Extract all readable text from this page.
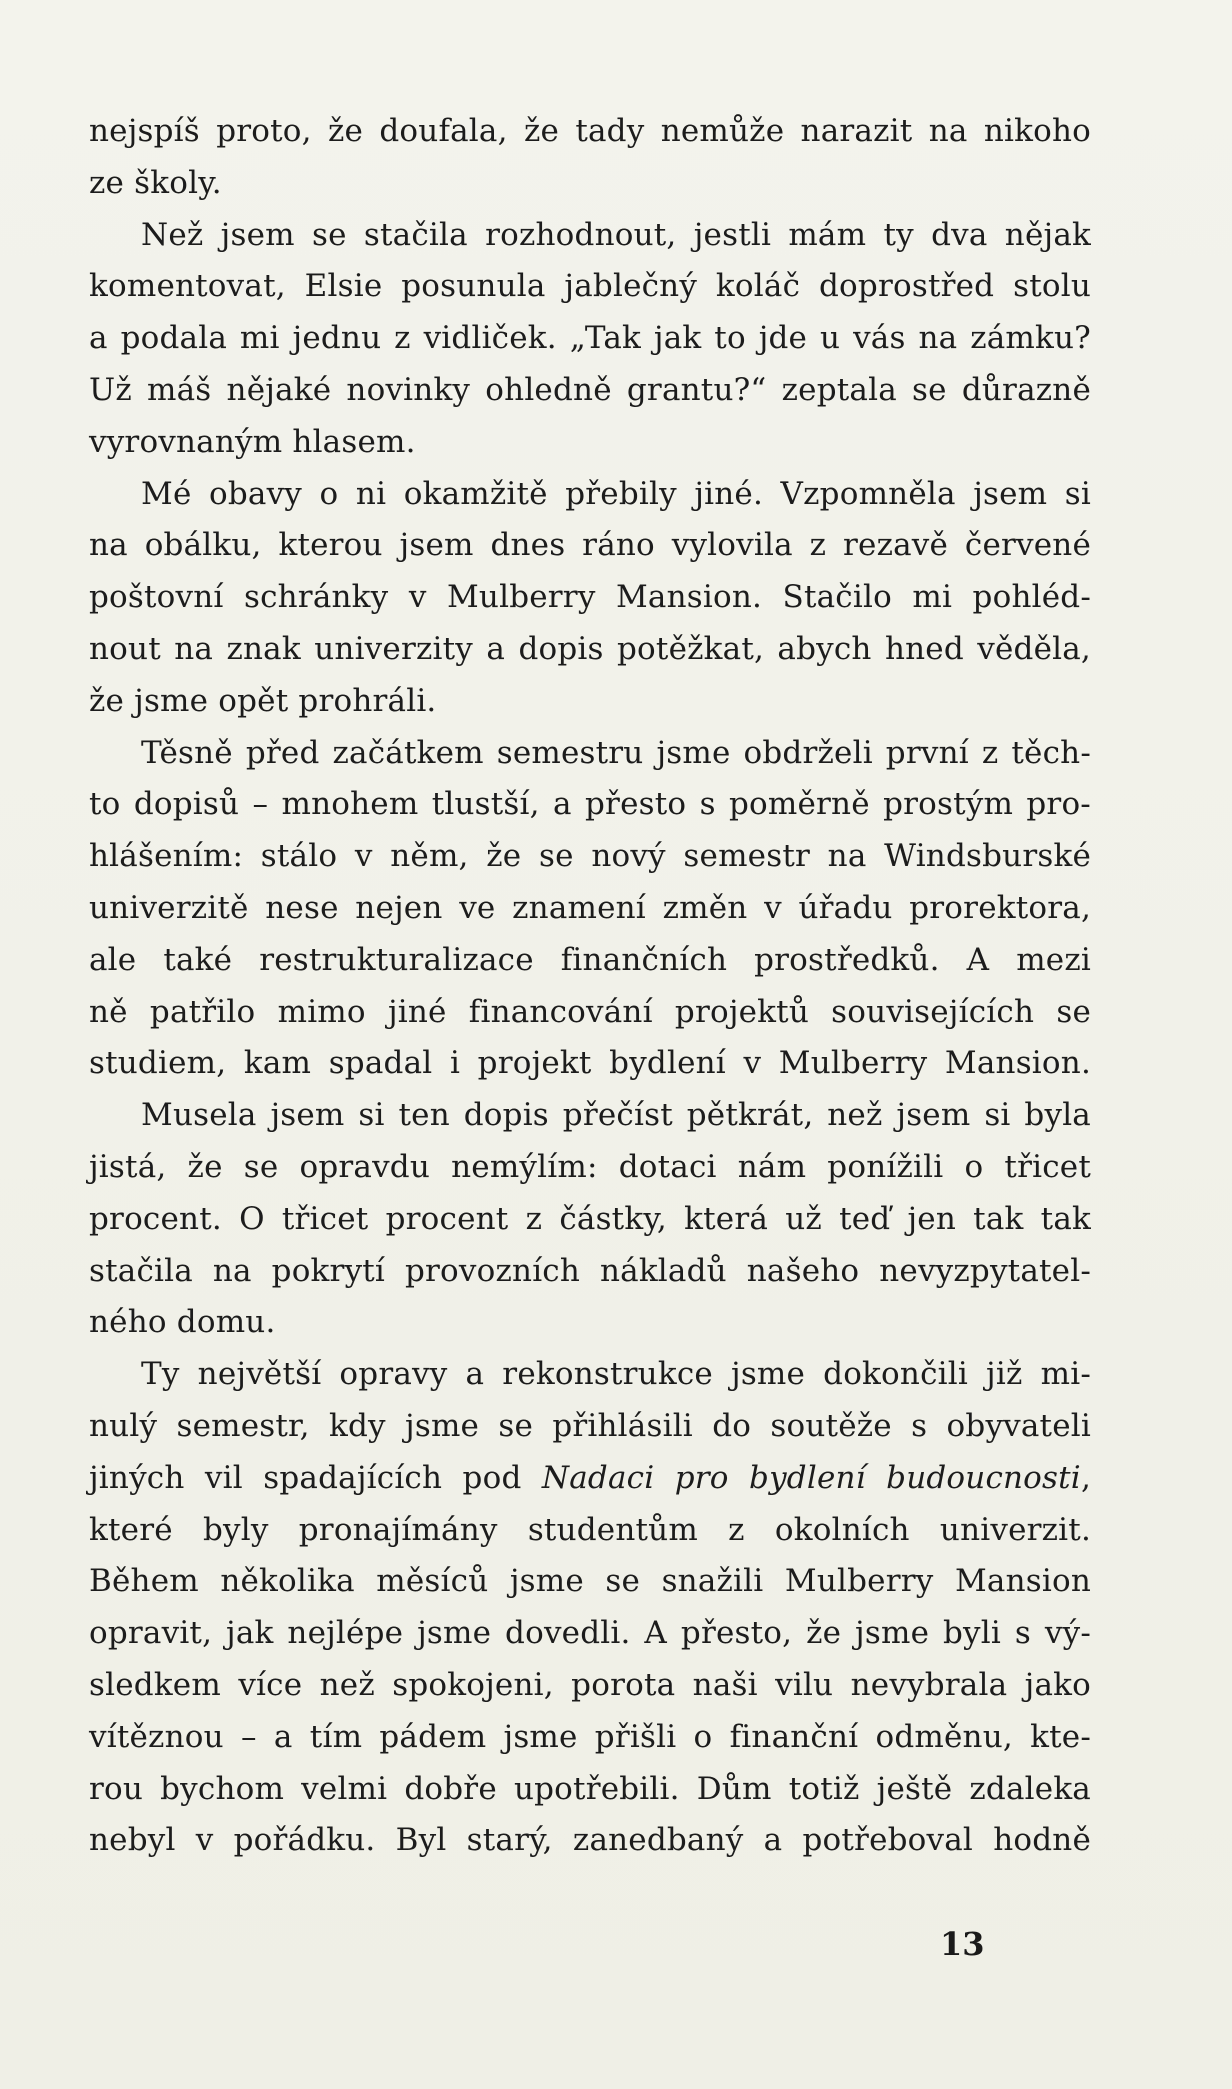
nejspíš proto, že doufala, že tady nemůže narazit na nikoho
ze školy.
Než jsem se stačila rozhodnout, jestli mám ty dva nějak
komentovat, Elsie posunula jablečný koláč doprostřed stolu
a podala mi jednu z vidliček. „Tak jak to jde u vás na zámku?
Už máš nějaké novinky ohledně grantu?“ zeptala se důrazně
vyrovnaným hlasem.
Mé obavy o ni okamžitě přebily jiné. Vzpomněla jsem si
na obálku, kterou jsem dnes ráno vylovila z rezavě červené
poštovní schránky v Mulberry Mansion. Stačilo mi pohléd-
nout na znak univerzity a dopis potěžkat, abych hned věděla,
že jsme opět prohráli.
Těsně před začátkem semestru jsme obdrželi první z těch-
to dopisů – mnohem tlustší, a přesto s poměrně prostým pro-
hlášením: stálo v něm, že se nový semestr na Windsburské
univerzitě nese nejen ve znamení změn v úřadu prorektora,
ale také restrukturalizace finančních prostředků. A mezi
ně patřilo mimo jiné financování projektů souvisejících se
studiem, kam spadal i projekt bydlení v Mulberry Mansion.
Musela jsem si ten dopis přečíst pětkrát, než jsem si byla
jistá, že se opravdu nemýlím: dotaci nám ponížili o třicet
procent. O třicet procent z částky, která už teď jen tak tak
stačila na pokrytí provozních nákladů našeho nevyzpytatel-
ného domu.
Ty největší opravy a rekonstrukce jsme dokončili již mi-
nulý semestr, kdy jsme se přihlásili do soutěže s obyvateli
jiných vil spadajících pod Nadaci pro bydlení budoucnosti,
které byly pronajímány studentům z okolních univerzit.
Během několika měsíců jsme se snažili Mulberry Mansion
opravit, jak nejlépe jsme dovedli. A přesto, že jsme byli s vý-
sledkem více než spokojeni, porota naši vilu nevybrala jako
vítěznou – a tím pádem jsme přišli o finanční odměnu, kte-
rou bychom velmi dobře upotřebili. Dům totiž ještě zdaleka
nebyl v pořádku. Byl starý, zanedbaný a potřeboval hodně
13
